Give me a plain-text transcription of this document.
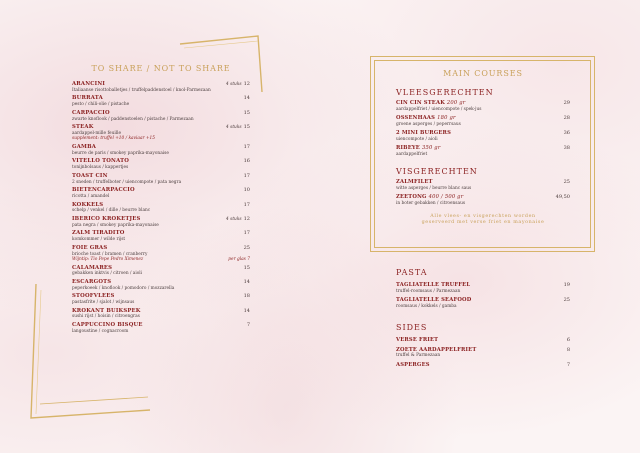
TO SHARE / NOT TO SHARE
ARANCINI	4 stuks 12
Italiaanse risottoballetjes / truffelpaddenstoel / knol-Parmezaan
BURRATA	14
pesto / chili-olie / pistache
CARPACCIO	15
zwarte knoflook / paddenstoelen / pistache / Parmezaan
STEAK	4 stuks 15
aardappel-mille feuille
supplement: truffel +10 / kaviaar +15
GAMBA	17
beurre de paris / smokey paprika-mayonaise
VITELLO TONATO	16
tonijnbolsaus / kappertjes
TOAST CIN	17
2 sneden / truffelboter / uiencompote / pata negra
BIETENCARPACCIO	10
ricotta / amandel
KOKKELS	17
schelp / venkel / dille / beurre blanc
IBERICO KROKETJES	4 stuks 12
pata negra / smokey paprika-mayonaise
ZALM TIRADITO	17
komkommer / wilde rijst
FOIE GRAS	25
brioche toast / bramen / cranberry
Wijntip: Tio Pepe Pedro Ximenez	per glas 7
CALAMARES	15
gebakken inktvis / citroen / aioli
ESCARGOTS	14
peperkoeek / knoflook / pomodoro / mozzarella
STOOFVLEES	18
pastasfrite / sjalot / wijnsaus
KROKANT BUIKSPEK	14
sushi rijst / hoisin / citroengras
CAPPUCCINO BISQUE	7
langoustine / cognacroom
MAIN COURSES
VLEESGERECHTEN
CIN CIN STEAK 200 gr	29
aardappelfriet / uiencompote / spek-jus
OSSENHAAS 180 gr	28
groene asperges / peperrsaus
2 MINI BURGERS	36
uiencompote / aioli
RIBEYE 350 gr	38
aardappelfriet
VISGERECHTEN
ZALMFILET	25
witte asperges / beurre blanc saus
ZEETONG 400 / 500 gr	49,50
in boter gebakken / citroensaus
Alle vlees- en visgerechten worden
geserveerd met verse friet en mayonaise
PASTA
TAGLIATELLE TRUFFEL	19
truffel-roomsaus / Parmezaan
TAGLIATELLE SEAFOOD	25
roomsaus / kokkels / gamba
SIDES
VERSE FRIET	6
ZOETE AARDAPPELFRIET	8
truffel & Parmezaan
ASPERGES	7
